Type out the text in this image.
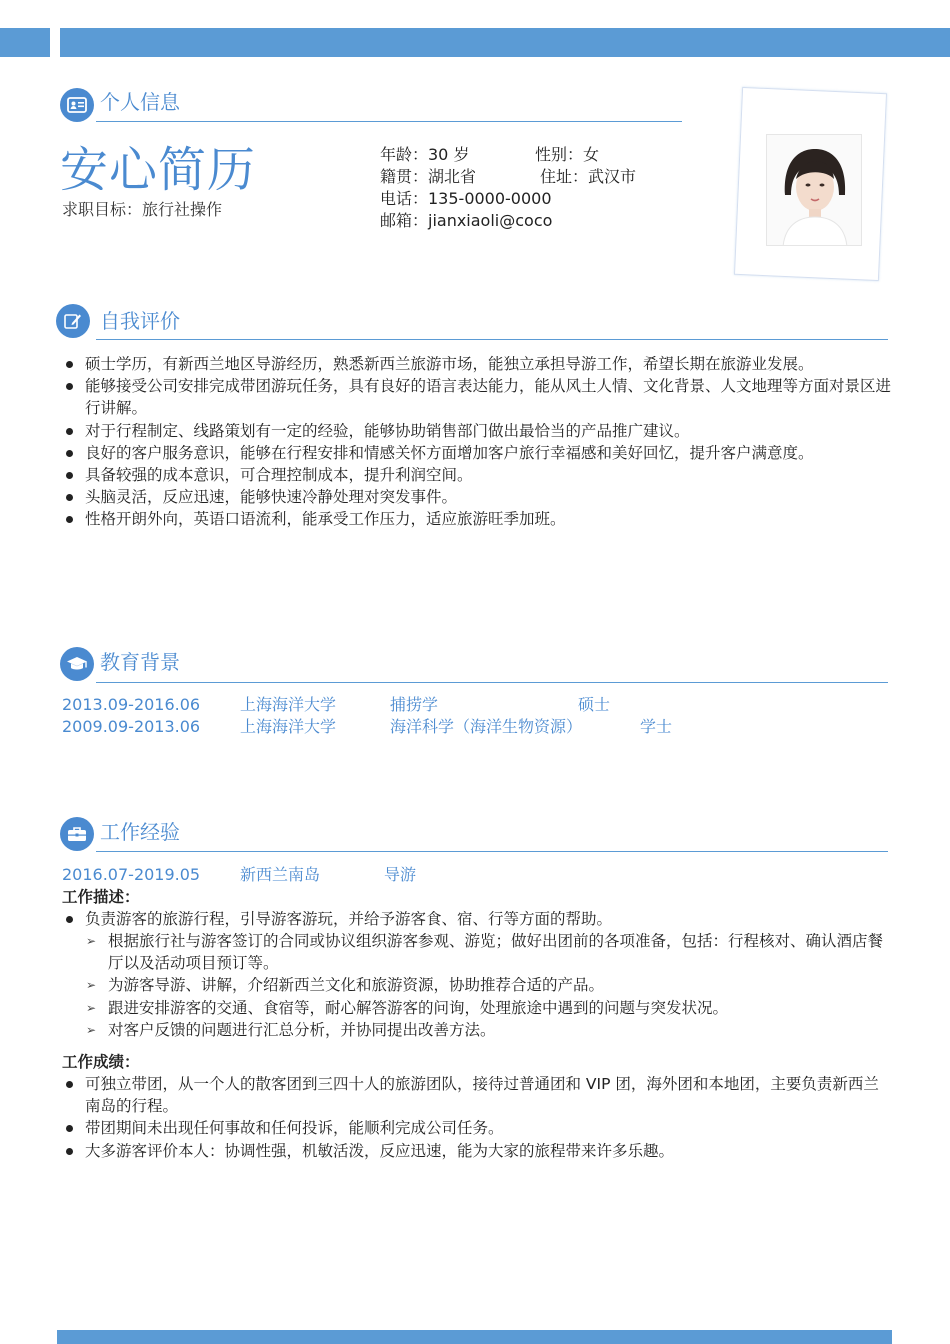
个人信息
安心简历
求职目标：旅行社操作
年龄：30 岁	性别：女
籍贯：湖北省	住址：武汉市
电话：135-0000-0000
邮箱：jianxiaoli@coco
自我评价
硕士学历，有新西兰地区导游经历，熟悉新西兰旅游市场，能独立承担导游工作，希望长期在旅游业发展。
能够接受公司安排完成带团游玩任务，具有良好的语言表达能力，能从风土人情、文化背景、人文地理等方面对景区进行讲解。
对于行程制定、线路策划有一定的经验，能够协助销售部门做出最恰当的产品推广建议。
良好的客户服务意识，能够在行程安排和情感关怀方面增加客户旅行幸福感和美好回忆，提升客户满意度。
具备较强的成本意识，可合理控制成本，提升利润空间。
头脑灵活，反应迅速，能够快速冷静处理对突发事件。
性格开朗外向，英语口语流利，能承受工作压力，适应旅游旺季加班。
教育背景
2013.09-2016.06 上海海洋大学	捕捞学	硕士
2009.09-2013.06 上海海洋大学	海洋科学（海洋生物资源）	学士
工作经验
2016.07-2019.05 新西兰南岛	导游
工作描述：
负责游客的旅游行程，引导游客游玩，并给予游客食、宿、行等方面的帮助。
➢ 根据旅行社与游客签订的合同或协议组织游客参观、游览；做好出团前的各项准备，包括：行程核对、确认酒店餐厅以及活动项目预订等。
➢ 为游客导游、讲解，介绍新西兰文化和旅游资源，协助推荐合适的产品。
➢ 跟进安排游客的交通、食宿等，耐心解答游客的问询，处理旅途中遇到的问题与突发状况。
➢ 对客户反馈的问题进行汇总分析，并协同提出改善方法。
工作成绩：
可独立带团，从一个人的散客团到三四十人的旅游团队，接待过普通团和 VIP 团，海外团和本地团，主要负责新西兰南岛的行程。
带团期间未出现任何事故和任何投诉，能顺利完成公司任务。
大多游客评价本人：协调性强，机敏活泼，反应迅速，能为大家的旅程带来许多乐趣。
